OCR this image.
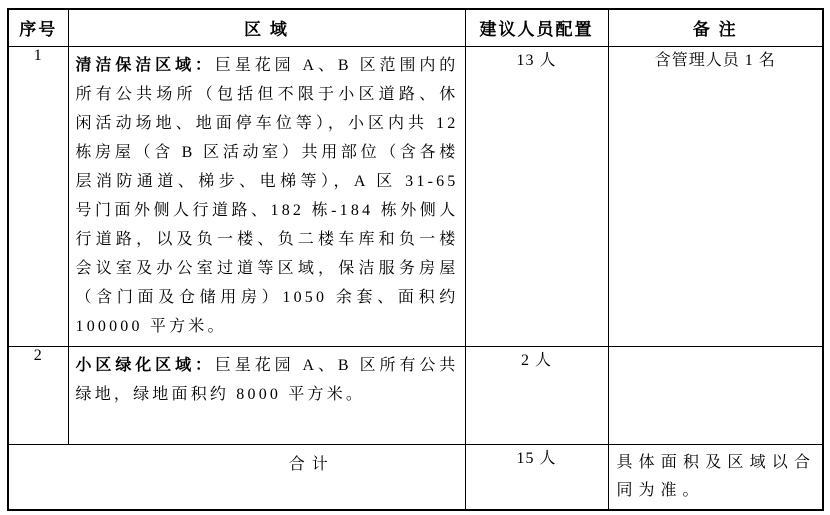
序号	区 域	建议人员配置	备 注
1	清洁保洁区域：巨星花园 A、B 区范围内的所有公共场所（包括但不限于小区道路、休闲活动场地、地面停车位等），小区内共 12 栋房屋（含 B 区活动室）共用部位（含各楼层消防通道、梯步、电梯等），A 区 31-65 号门面外侧人行道路、182 栋-184 栋外侧人行道路，以及负一楼、负二楼车库和负一楼会议室及办公室过道等区域，保洁服务房屋（含门面及仓储用房）1050 余套、面积约 100000 平方米。	13 人	含管理人员 1 名
2	小区绿化区域：巨星花园 A、B 区所有公共绿地，绿地面积约 8000 平方米。	2 人	
合计		15 人	具体面积及区域以合同为准。
